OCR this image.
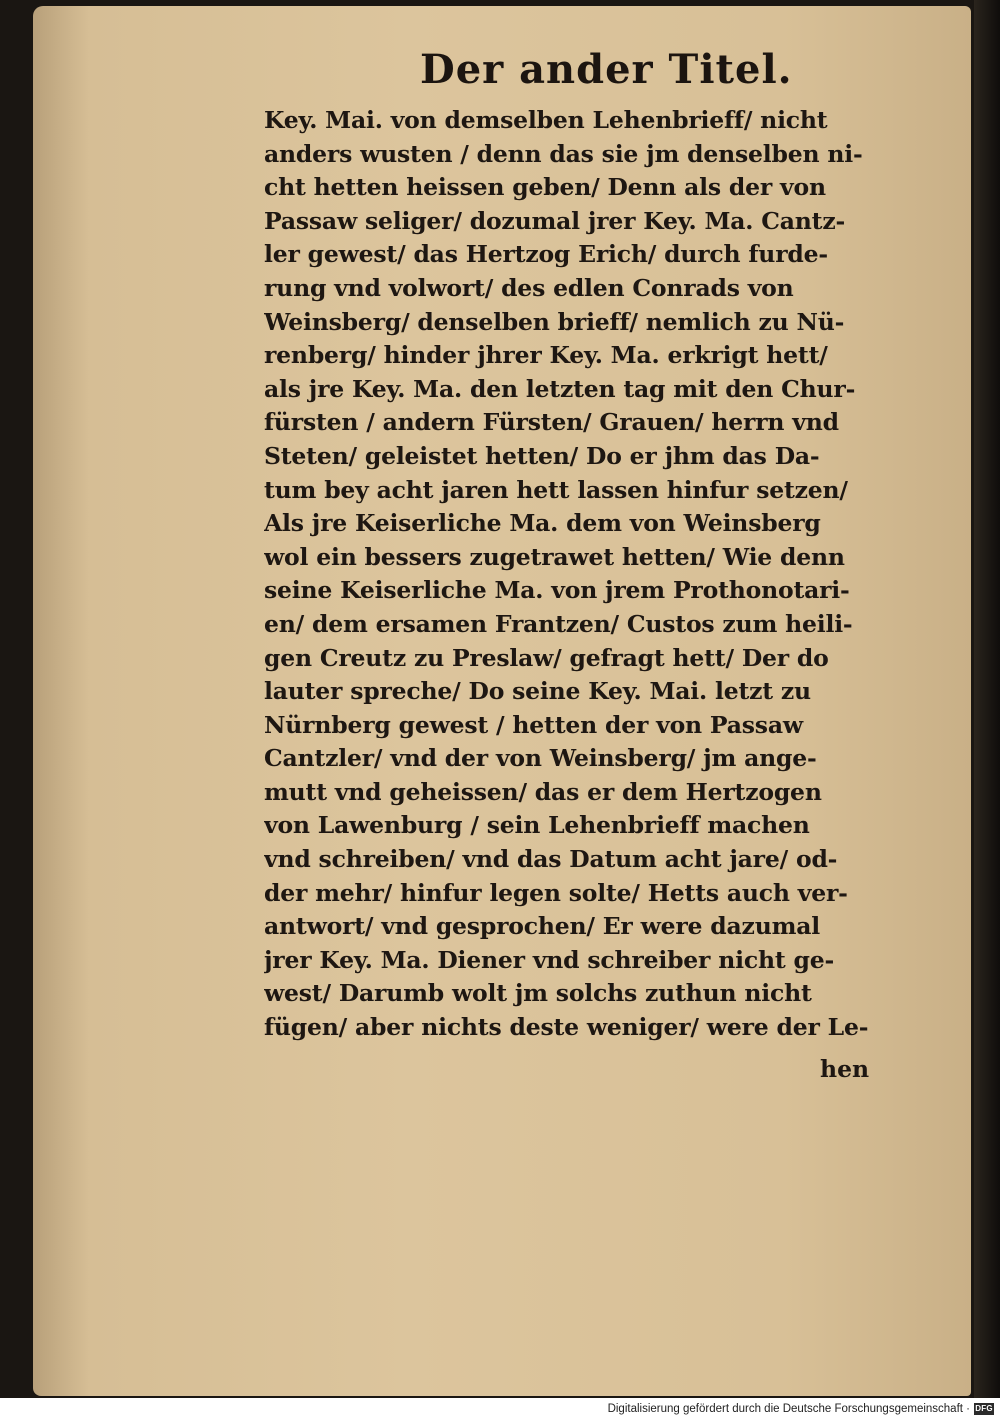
Der ander Titel.
Key. Mai. von demselben Lehenbrieff/ nicht
anders wusten / denn das sie jm denselben ni-
cht hetten heissen geben/ Denn als der von
Passaw seliger/ dozumal jrer Key. Ma. Cantz-
ler gewest/ das Hertzog Erich/ durch furde-
rung vnd volwort/ des edlen Conrads von
Weinsberg/ denselben brieff/ nemlich zu Nü-
renberg/ hinder jhrer Key. Ma. erkrigt hett/
als jre Key. Ma. den letzten tag mit den Chur-
fürsten / andern Fürsten/ Grauen/ herrn vnd
Steten/ geleistet hetten/ Do er jhm das Da-
tum bey acht jaren hett lassen hinfur setzen/
Als jre Keiserliche Ma. dem von Weinsberg
wol ein bessers zugetrawet hetten/ Wie denn
seine Keiserliche Ma. von jrem Prothonotari-
en/ dem ersamen Frantzen/ Custos zum heili-
gen Creutz zu Preslaw/ gefragt hett/ Der do
lauter spreche/ Do seine Key. Mai. letzt zu
Nürnberg gewest / hetten der von Passaw
Cantzler/ vnd der von Weinsberg/ jm ange-
mutt vnd geheissen/ das er dem Hertzogen
von Lawenburg / sein Lehenbrieff machen
vnd schreiben/ vnd das Datum acht jare/ od-
der mehr/ hinfur legen solte/ Hetts auch ver-
antwort/ vnd gesprochen/ Er were dazumal
jrer Key. Ma. Diener vnd schreiber nicht ge-
west/ Darumb wolt jm solchs zuthun nicht
fügen/ aber nichts deste weniger/ were der Le-
hen
Digitalisierung gefördert durch die Deutsche Forschungsgemeinschaft · DFG
